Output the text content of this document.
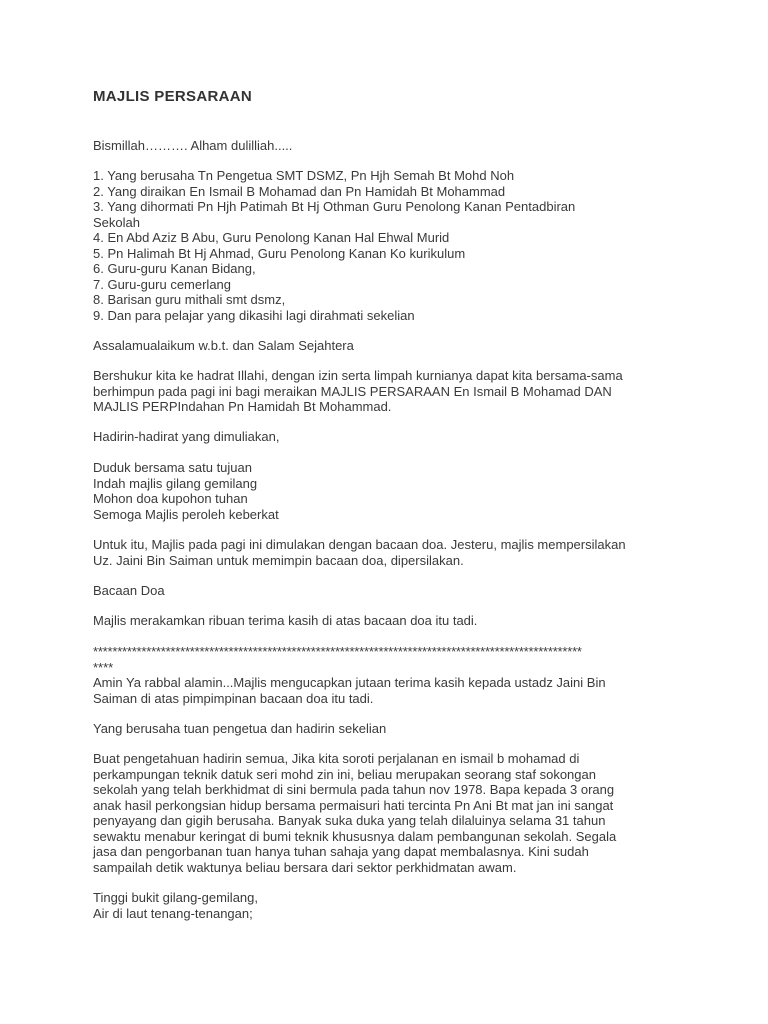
MAJLIS PERSARAAN
Bismillah………. Alham dulilliah.....
1. Yang berusaha Tn Pengetua SMT DSMZ, Pn Hjh Semah Bt Mohd Noh
2. Yang diraikan En Ismail B Mohamad dan Pn Hamidah Bt Mohammad
3. Yang dihormati Pn Hjh Patimah Bt Hj Othman Guru Penolong Kanan Pentadbiran
Sekolah
4. En Abd Aziz B Abu, Guru Penolong Kanan Hal Ehwal Murid
5. Pn Halimah Bt Hj Ahmad, Guru Penolong Kanan Ko kurikulum
6. Guru-guru Kanan Bidang,
7. Guru-guru cemerlang
8. Barisan guru mithali smt dsmz,
9. Dan para pelajar yang dikasihi lagi dirahmati sekelian
Assalamualaikum w.b.t. dan Salam Sejahtera
Bershukur kita ke hadrat Illahi, dengan izin serta limpah kurnianya dapat kita bersama-sama
berhimpun pada pagi ini bagi meraikan MAJLIS PERSARAAN En Ismail B Mohamad DAN
MAJLIS PERPIndahan Pn Hamidah Bt Mohammad.
Hadirin-hadirat yang dimuliakan,
Duduk bersama satu tujuan
Indah majlis gilang gemilang
Mohon doa kupohon tuhan
Semoga Majlis peroleh keberkat
Untuk itu, Majlis pada pagi ini dimulakan dengan bacaan doa. Jesteru, majlis mempersilakan
Uz. Jaini Bin Saiman untuk memimpin bacaan doa, dipersilakan.
Bacaan Doa
Majlis merakamkan ribuan terima kasih di atas bacaan doa itu tadi.
*****************************************************************************************************
****
Amin Ya rabbal alamin...Majlis mengucapkan jutaan terima kasih kepada ustadz Jaini Bin
Saiman di atas pimpimpinan bacaan doa itu tadi.
Yang berusaha tuan pengetua dan hadirin sekelian
Buat pengetahuan hadirin semua, Jika kita soroti perjalanan en ismail b mohamad di
perkampungan teknik datuk seri mohd zin ini, beliau merupakan seorang staf sokongan
sekolah yang telah berkhidmat di sini bermula pada tahun nov 1978. Bapa kepada 3 orang
anak hasil perkongsian hidup bersama permaisuri hati tercinta Pn Ani Bt mat jan ini sangat
penyayang dan gigih berusaha. Banyak suka duka yang telah dilaluinya selama 31 tahun
sewaktu menabur keringat di bumi teknik khususnya dalam pembangunan sekolah. Segala
jasa dan pengorbanan tuan hanya tuhan sahaja yang dapat membalasnya. Kini sudah
sampailah detik waktunya beliau bersara dari sektor perkhidmatan awam.
Tinggi bukit gilang-gemilang,
Air di laut tenang-tenangan;
